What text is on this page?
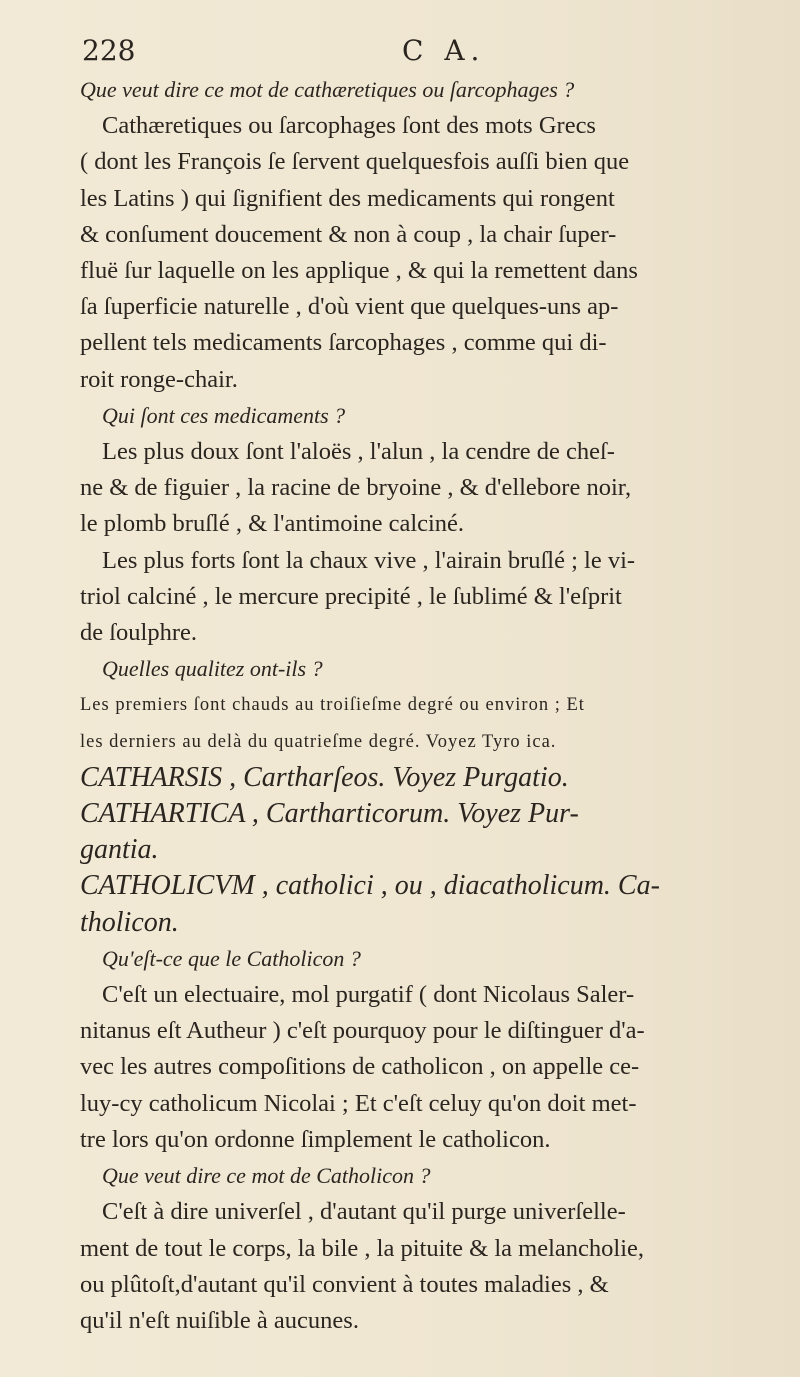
228	C A.
Que veut dire ce mot de cathæretiques ou ſarcophages ?
Cathæretiques ou ſarcophages ſont des mots Grecs
( dont les François ſe ſervent quelquesfois auſſi bien que
les Latins ) qui ſignifient des medicaments qui rongent
& conſument doucement & non à coup , la chair ſuper-
fluë ſur laquelle on les applique , & qui la remettent dans
ſa ſuperficie naturelle , d'où vient que quelques-uns ap-
pellent tels medicaments ſarcophages , comme qui di-
roit ronge-chair.
Qui ſont ces medicaments ?
Les plus doux ſont l'aloës , l'alun , la cendre de cheſ-
ne & de figuier , la racine de bryoine , & d'ellebore noir,
le plomb bruſlé , & l'antimoine calciné.
Les plus forts ſont la chaux vive , l'airain bruſlé ; le vi-
triol calciné , le mercure precipité , le ſublimé & l'eſprit
de ſoulphre.
Quelles qualitez ont-ils ?
Les premiers ſont chauds au troiſieſme degré ou environ ; Et
les derniers au delà du quatrieſme degré. Voyez Tyro ica.
CATHARSIS , Cartharſeos. Voyez Purgatio.
CATHARTICA , Cartharticorum. Voyez Pur-
gantia.
CATHOLICVM , catholici , ou , diacatholicum. Ca-
tholicon.
Qu'eſt-ce que le Catholicon ?
C'eſt un electuaire, mol purgatif ( dont Nicolaus Saler-
nitanus eſt Autheur ) c'eſt pourquoy pour le diſtinguer d'a-
vec les autres compoſitions de catholicon , on appelle ce-
luy-cy catholicum Nicolai ; Et c'eſt celuy qu'on doit met-
tre lors qu'on ordonne ſimplement le catholicon.
Que veut dire ce mot de Catholicon ?
C'eſt à dire univerſel , d'autant qu'il purge univerſelle-
ment de tout le corps, la bile , la pituite & la melancholie,
ou plûtoſt,d'autant qu'il convient à toutes maladies , &
qu'il n'eſt nuiſible à aucunes.
